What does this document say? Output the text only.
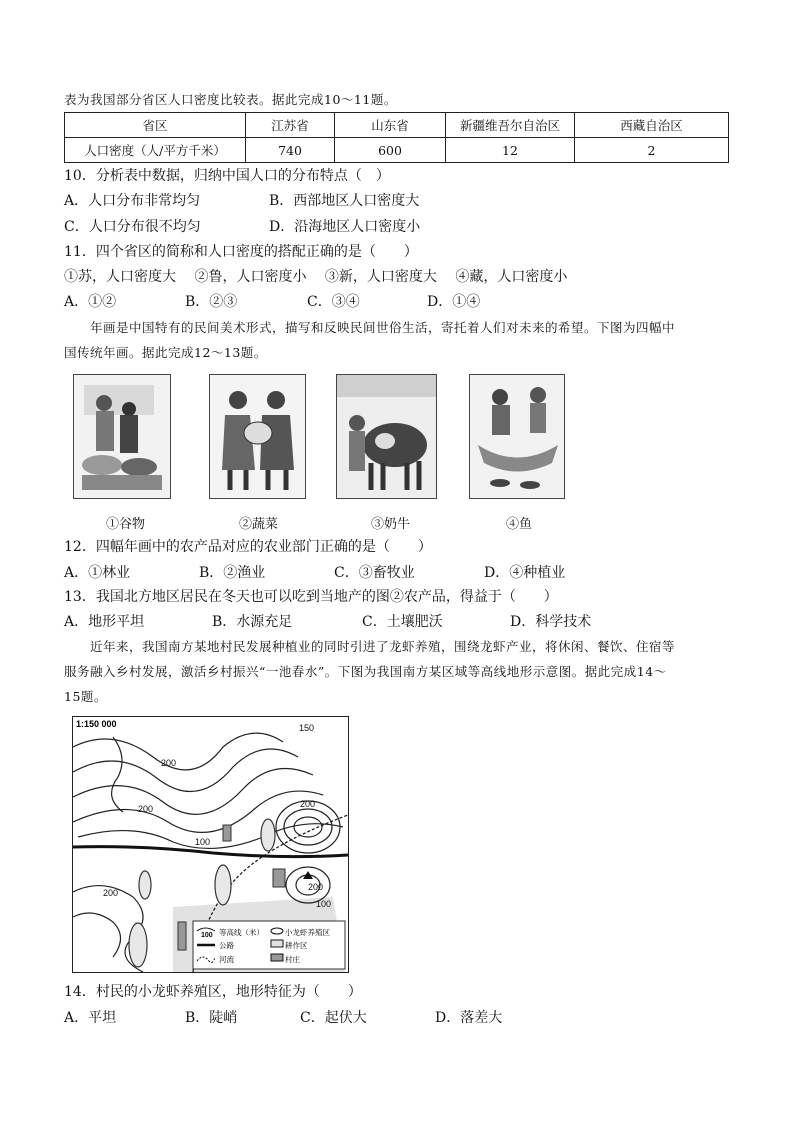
表为我国部分省区人口密度比较表。据此完成10～11题。
省区	江苏省	山东省	新疆维吾尔自治区	西藏自治区
人口密度（人/平方千米）	740	600	12	2
10．分析表中数据，归纳中国人口的分布特点（　）
A．人口分布非常均匀	B．西部地区人口密度大
C．人口分布很不均匀	D．沿海地区人口密度小
11．四个省区的简称和人口密度的搭配正确的是（　　）
①苏，人口密度大　 ②鲁，人口密度小　 ③新，人口密度大　 ④藏，人口密度小
A．①②	B．②③	C．③④	D．①④
年画是中国特有的民间美术形式，描写和反映民间世俗生活，寄托着人们对未来的希望。下图为四幅中
国传统年画。据此完成12～13题。
①谷物	②蔬菜	③奶牛	④鱼
12．四幅年画中的农产品对应的农业部门正确的是（　　）
A．①林业	B．②渔业	C．③畜牧业	D．④种植业
13．我国北方地区居民在冬天也可以吃到当地产的图②农产品，得益于（　　）
A．地形平坦	B．水源充足	C．土壤肥沃	D．科学技术
近年来，我国南方某地村民发展种植业的同时引进了龙虾养殖，围绕龙虾产业，将休闲、餐饮、住宿等
服务融入乡村发展，激活乡村振兴“一池春水”。下图为我国南方某区域等高线地形示意图。据此完成14～
15题。
200
150
200
100
200
200
100
200
1:150 000
100 等高线（米）	小龙虾养殖区
公路	耕作区
河流	村庄
14．村民的小龙虾养殖区，地形特征为（　　）
A．平坦	B．陡峭	C．起伏大	D．落差大
